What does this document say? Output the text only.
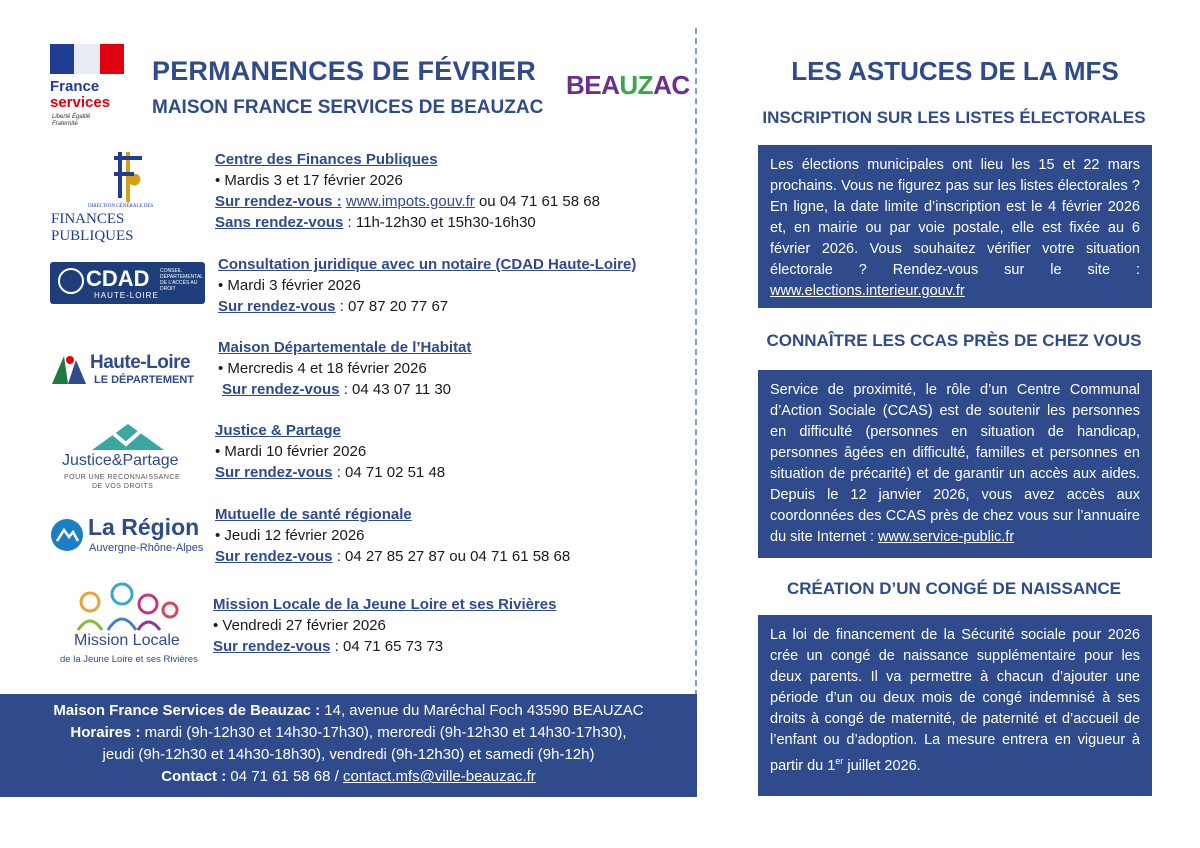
France
services
Liberté Égalité Fraternité
PERMANENCES DE FÉVRIER
MAISON FRANCE SERVICES DE BEAUZAC
BEAUZAC
DIRECTION GÉNÉRALE DES
FINANCES PUBLIQUES
Centre des Finances Publiques
• Mardis 3 et 17 février 2026
Sur rendez-vous : www.impots.gouv.fr ou 04 71 61 58 68
Sans rendez-vous : 11h-12h30 et 15h30-16h30
CDAD
HAUTE-LOIRE
CONSEIL DÉPARTEMENTAL DE L'ACCÈS AU DROIT
Consultation juridique avec un notaire (CDAD Haute-Loire)
• Mardi 3 février 2026
Sur rendez-vous : 07 87 20 77 67
Haute-Loire
LE DÉPARTEMENT
Maison Départementale de l’Habitat
• Mercredis 4 et 18 février 2026
Sur rendez-vous : 04 43 07 11 30
Justice&Partage
POUR UNE RECONNAISSANCE
DE VOS DROITS
Justice & Partage
• Mardi 10 février 2026
Sur rendez-vous : 04 71 02 51 48
La Région
Auvergne-Rhône-Alpes
Mutuelle de santé régionale
• Jeudi 12 février 2026
Sur rendez-vous : 04 27 85 27 87 ou 04 71 61 58 68
Mission Locale
de la Jeune Loire et ses Rivières
Mission Locale de la Jeune Loire et ses Rivières
• Vendredi 27 février 2026
Sur rendez-vous : 04 71 65 73 73
Maison France Services de Beauzac : 14, avenue du Maréchal Foch 43590 BEAUZAC
Horaires : mardi (9h-12h30 et 14h30-17h30), mercredi (9h-12h30 et 14h30-17h30),
jeudi (9h-12h30 et 14h30-18h30), vendredi (9h-12h30) et samedi (9h-12h)
Contact : 04 71 61 58 68 / contact.mfs@ville-beauzac.fr
LES ASTUCES DE LA MFS
INSCRIPTION SUR LES LISTES ÉLECTORALES
Les élections municipales ont lieu les 15 et 22 mars prochains. Vous ne figurez pas sur les listes électorales ? En ligne, la date limite d’inscription est le 4 février 2026 et, en mairie ou par voie postale, elle est fixée au 6 février 2026. Vous souhaitez vérifier votre situation électorale ? Rendez-vous sur le site : www.elections.interieur.gouv.fr
CONNAÎTRE LES CCAS PRÈS DE CHEZ VOUS
Service de proximité, le rôle d’un Centre Communal d’Action Sociale (CCAS) est de soutenir les personnes en difficulté (personnes en situation de handicap, personnes âgées en difficulté, familles et personnes en situation de précarité) et de garantir un accès aux aides. Depuis le 12 janvier 2026, vous avez accès aux coordonnées des CCAS près de chez vous sur l’annuaire du site Internet : www.service-public.fr
CRÉATION D’UN CONGÉ DE NAISSANCE
La loi de financement de la Sécurité sociale pour 2026 crée un congé de naissance supplémentaire pour les deux parents. Il va permettre à chacun d’ajouter une période d’un ou deux mois de congé indemnisé à ses droits à congé de maternité, de paternité et d’accueil de l’enfant ou d’adoption. La mesure entrera en vigueur à partir du 1er juillet 2026.
